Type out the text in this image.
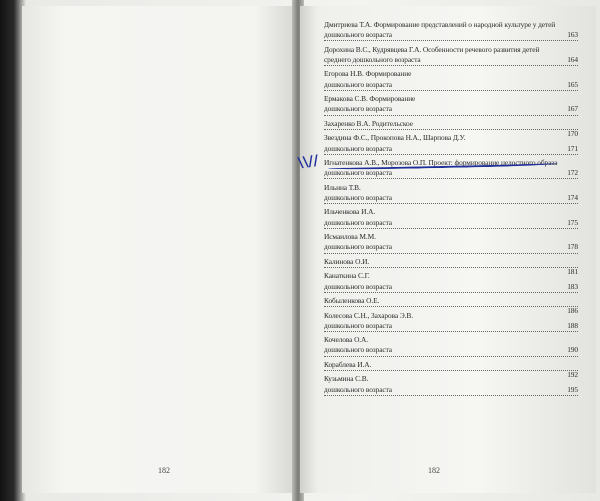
182
Дмитриева Т.А. Формирование представлений о народной культуре у детей
163
дошкольного возраста
Дорохина В.С., Кудрявцева Г.А. Особенности речевого развития детей
164
среднего дошкольного возраста
Егорова Н.В. Формирование
165
дошкольного возраста
Ермакова С.В. Формирование
167
дошкольного возраста
Захаренко В.А. Родительское
170
Звездина Ф.С., Прокопова Н.А., Шарпова Д.У.
171
дошкольного возраста
Игнатенкова А.В., Морозова О.П. Проект: формирование целостного образа
172
дошкольного возраста
Ильина Т.В.
174
дошкольного возраста
Ильченкова И.А.
175
дошкольного возраста
Исмаилова М.М.
178
дошкольного возраста
Калинова О.И.
181
Канаткина С.Г.
183
дошкольного возраста
Кобыленкова О.Е.
186
Колесова С.Н., Захарова Э.В.
188
дошкольного возраста
Кочелова О.А.
190
дошкольного возраста
Кораблева И.А.
192
Кузьмина С.В.
195
дошкольного возраста
\\//
182
